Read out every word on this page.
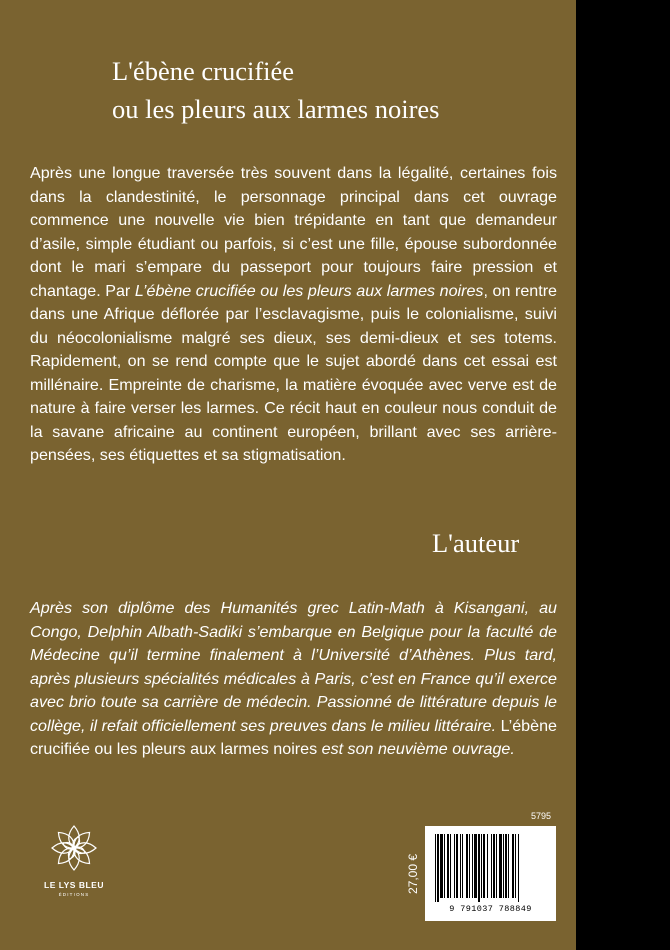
L'ébène crucifiée
ou les pleurs aux larmes noires

Après une longue traversée très souvent dans la légalité, certaines fois dans la clandestinité, le personnage principal dans cet ouvrage commence une nouvelle vie bien trépidante en tant que demandeur d’asile, simple étudiant ou parfois, si c’est une fille, épouse subordonnée dont le mari s’empare du passeport pour toujours faire pression et chantage. Par L’ébène crucifiée ou les pleurs aux larmes noires, on rentre dans une Afrique déflorée par l’esclavagisme, puis le colonialisme, suivi du néocolonialisme malgré ses dieux, ses demi-dieux et ses totems. Rapidement, on se rend compte que le sujet abordé dans cet essai est millénaire. Empreinte de charisme, la matière évoquée avec verve est de nature à faire verser les larmes. Ce récit haut en couleur nous conduit de la savane africaine au continent européen, brillant avec ses arrière-pensées, ses étiquettes et sa stigmatisation.

L'auteur

Après son diplôme des Humanités grec Latin-Math à Kisangani, au Congo, Delphin Albath-Sadiki s’embarque en Belgique pour la faculté de Médecine qu’il termine finalement à l’Université d’Athènes. Plus tard, après plusieurs spécialités médicales à Paris, c’est en France qu’il exerce avec brio toute sa carrière de médecin. Passionné de littérature depuis le collège, il refait officiellement ses preuves dans le milieu littéraire. L’ébène crucifiée ou les pleurs aux larmes noires est son neuvième ouvrage.

LE LYS BLEU
ÉDITIONS
5795
27,00 €
9 791037 788849
